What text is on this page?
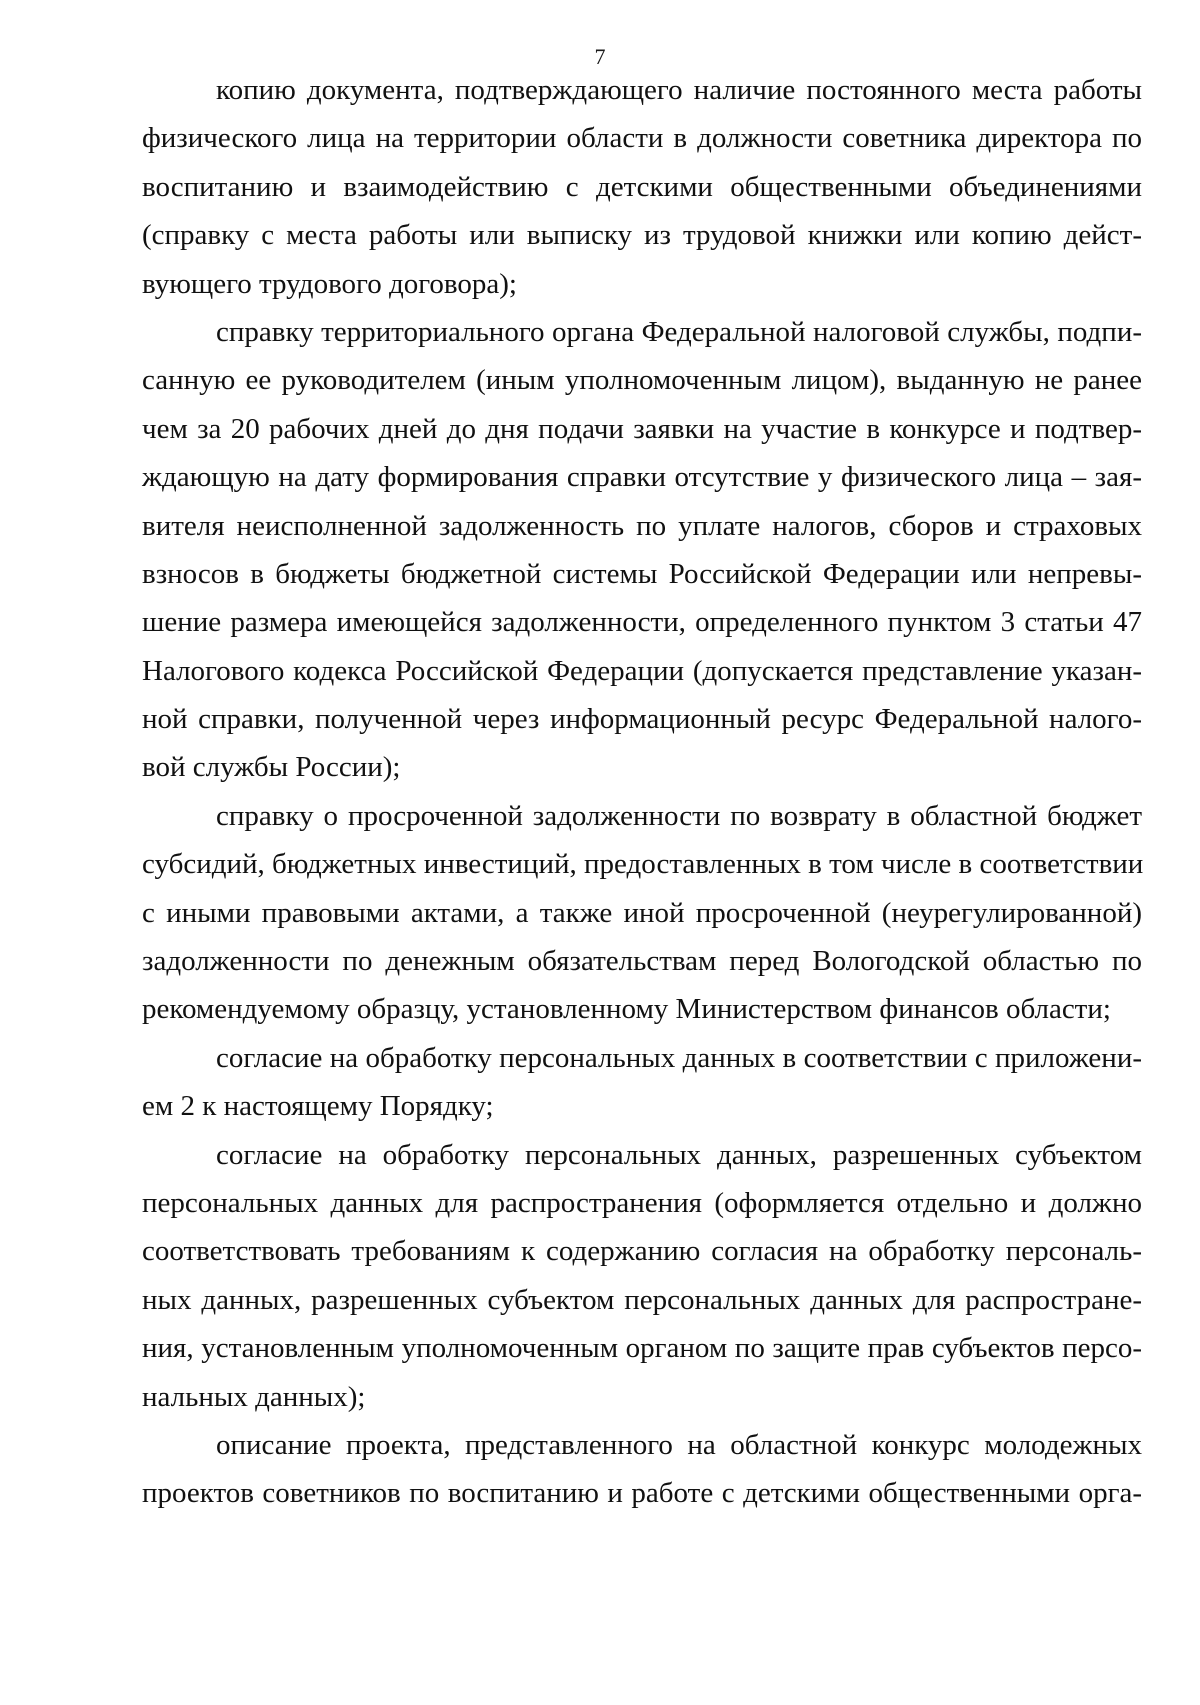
7
копию документа, подтверждающего наличие постоянного места работы
физического лица на территории области в должности советника директора по
воспитанию и взаимодействию с детскими общественными объединениями
(справку с места работы или выписку из трудовой книжки или копию дейст-
вующего трудового договора);
справку территориального органа Федеральной налоговой службы, подпи-
санную ее руководителем (иным уполномоченным лицом), выданную не ранее
чем за 20 рабочих дней до дня подачи заявки на участие в конкурсе и подтвер-
ждающую на дату формирования справки отсутствие у физического лица – зая-
вителя неисполненной задолженность по уплате налогов, сборов и страховых
взносов в бюджеты бюджетной системы Российской Федерации или непревы-
шение размера имеющейся задолженности, определенного пунктом 3 статьи 47
Налогового кодекса Российской Федерации (допускается представление указан-
ной справки, полученной через информационный ресурс Федеральной налого-
вой службы России);
справку о просроченной задолженности по возврату в областной бюджет
субсидий, бюджетных инвестиций, предоставленных в том числе в соответствии
с иными правовыми актами, а также иной просроченной (неурегулированной)
задолженности по денежным обязательствам перед Вологодской областью по
рекомендуемому образцу, установленному Министерством финансов области;
согласие на обработку персональных данных в соответствии с приложени-
ем 2 к настоящему Порядку;
согласие на обработку персональных данных, разрешенных субъектом
персональных данных для распространения (оформляется отдельно и должно
соответствовать требованиям к содержанию согласия на обработку персональ-
ных данных, разрешенных субъектом персональных данных для распростране-
ния, установленным уполномоченным органом по защите прав субъектов персо-
нальных данных);
описание проекта, представленного на областной конкурс молодежных
проектов советников по воспитанию и работе с детскими общественными орга-
